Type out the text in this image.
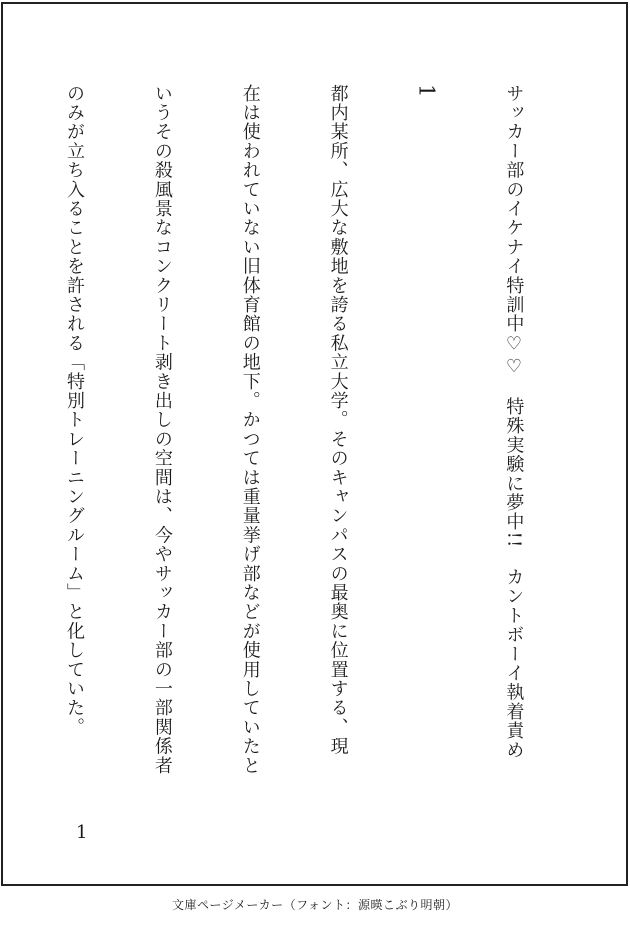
サッカー部のイケナイ特訓中♡♡　特殊実験に夢中!!　カントボーイ執着責め

1

都内某所、広大な敷地を誇る私立大学。そのキャンパスの最奥に位置する、現

在は使われていない旧体育館の地下。かつては重量挙げ部などが使用していたと

いうその殺風景なコンクリート剥き出しの空間は、今やサッカー部の一部関係者

のみが立ち入ることを許される「特別トレーニングルーム」と化していた。

1
文庫ページメーカー（フォント：源暎こぶり明朝）
